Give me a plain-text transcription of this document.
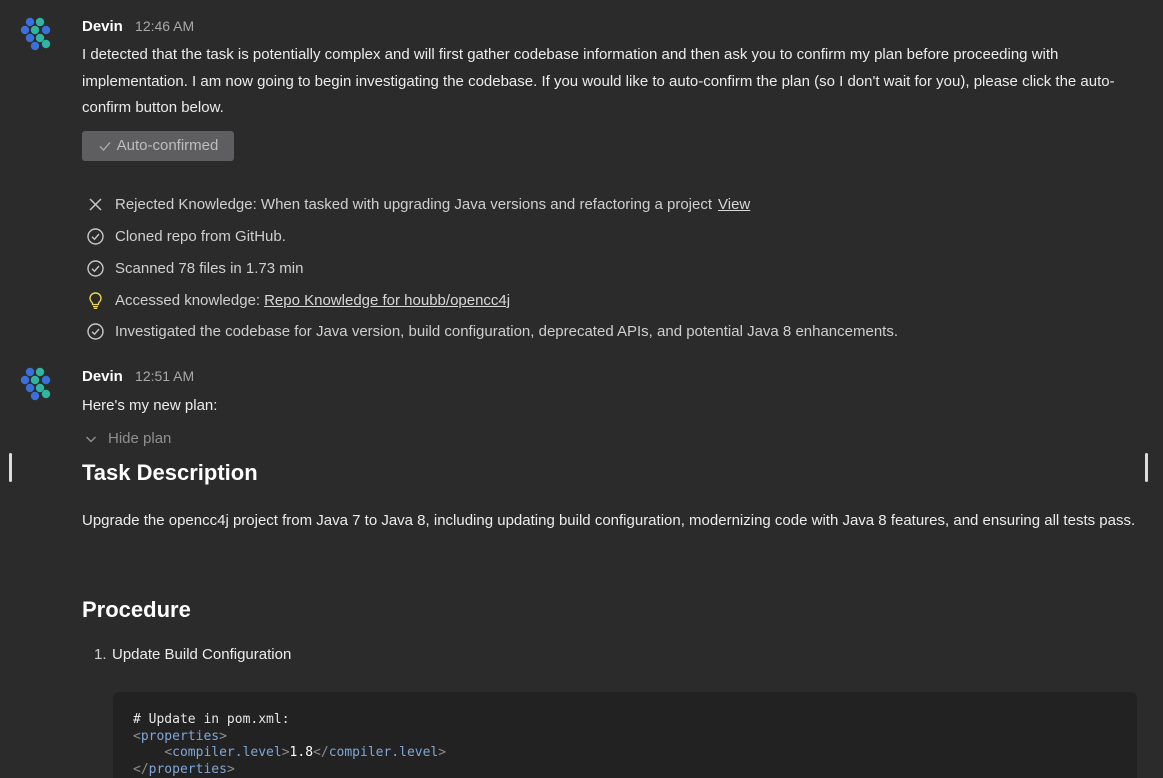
Devin 12:46 AM
I detected that the task is potentially complex and will first gather codebase information and then ask you to confirm my plan before proceeding with implementation. I am now going to begin investigating the codebase. If you would like to auto-confirm the plan (so I don't wait for you), please click the auto-confirm button below.
Auto-confirmed
Rejected Knowledge: When tasked with upgrading Java versions and refactoring a project View
Cloned repo from GitHub.
Scanned 78 files in 1.73 min
Accessed knowledge: Repo Knowledge for houbb/opencc4j
Investigated the codebase for Java version, build configuration, deprecated APIs, and potential Java 8 enhancements.
Devin 12:51 AM
Here's my new plan:
Hide plan
Task Description
Upgrade the opencc4j project from Java 7 to Java 8, including updating build configuration, modernizing code with Java 8 features, and ensuring all tests pass.
Procedure
1. Update Build Configuration
# Update in pom.xml:
<properties>
<compiler.level>1.8</compiler.level>
</properties>
